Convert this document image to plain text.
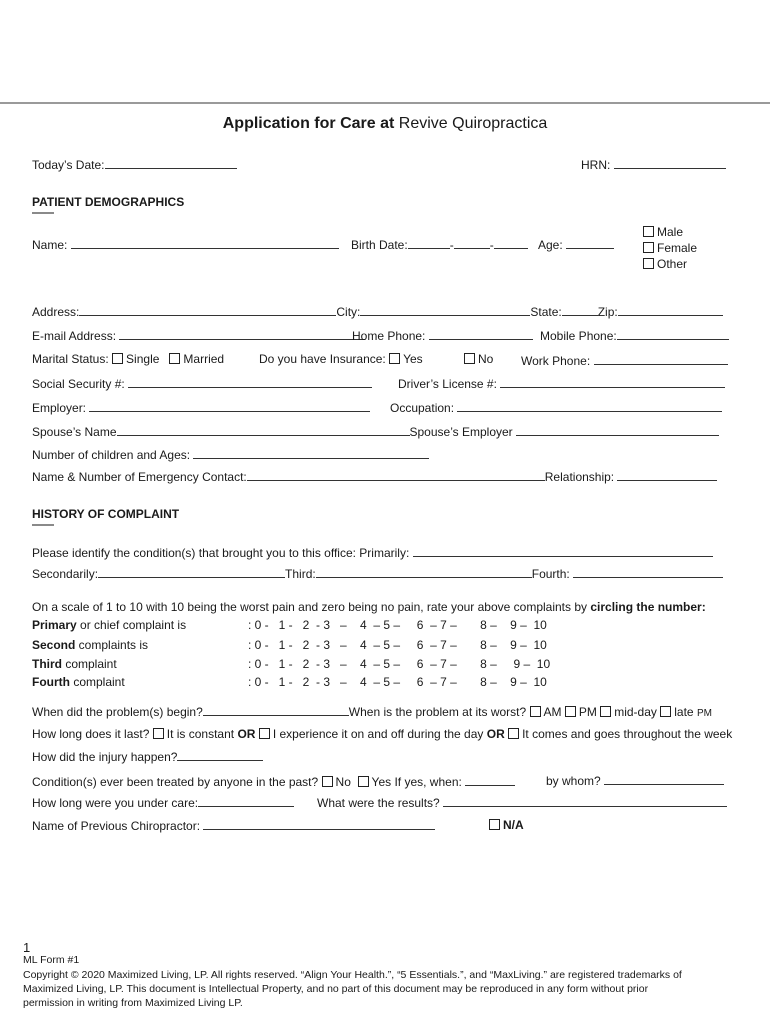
Application for Care at Revive Quiropractica
Today’s Date:	HRN:
PATIENT DEMOGRAPHICS
Name:	Birth Date:	-	-	Age:
Male
Female
Other
Address:	City:	State:	Zip:
E-mail Address:	Home Phone:	Mobile Phone:
Marital Status: Single Married	Do you have Insurance: Yes	No Work Phone:
Social Security #:	Driver’s License #:
Employer:	Occupation:
Spouse’s Name	Spouse’s Employer
Number of children and Ages:
Name & Number of Emergency Contact:	Relationship:
HISTORY OF COMPLAINT
Please identify the condition(s) that brought you to this office: Primarily:
Secondarily:	Third:	Fourth:
On a scale of 1 to 10 with 10 being the worst pain and zero being no pain, rate your above complaints by circling the number:
Primary or chief complaint is	: 0 -   1 -   2  - 3   –    4  – 5 –     6  – 7 –       8 –    9 –  10
Second complaints is	: 0 -   1 -   2  - 3   –    4  – 5 –     6  – 7 –       8 –    9 –  10
Third complaint	: 0 -   1 -   2  - 3   –    4  – 5 –     6  – 7 –       8 –     9 –  10
Fourth complaint	: 0 -   1 -   2  - 3   –    4  – 5 –     6  – 7 –       8 –    9 –  10
When did the problem(s) begin?	When is the problem at its worst? AM PM mid-day late PM
How long does it last? It is constant OR I experience it on and off during the day OR It comes and goes throughout the week
How did the injury happen?
Condition(s) ever been treated by anyone in the past? No Yes If yes, when:	by whom?
How long were you under care:	What were the results?
Name of Previous Chiropractor:	N/A
1
ML Form #1
Copyright © 2020 Maximized Living, LP. All rights reserved. “Align Your Health.”, “5 Essentials.”, and “MaxLiving.” are registered trademarks of
Maximized Living, LP. This document is Intellectual Property, and no part of this document may be reproduced in any form without prior
permission in writing from Maximized Living LP.
